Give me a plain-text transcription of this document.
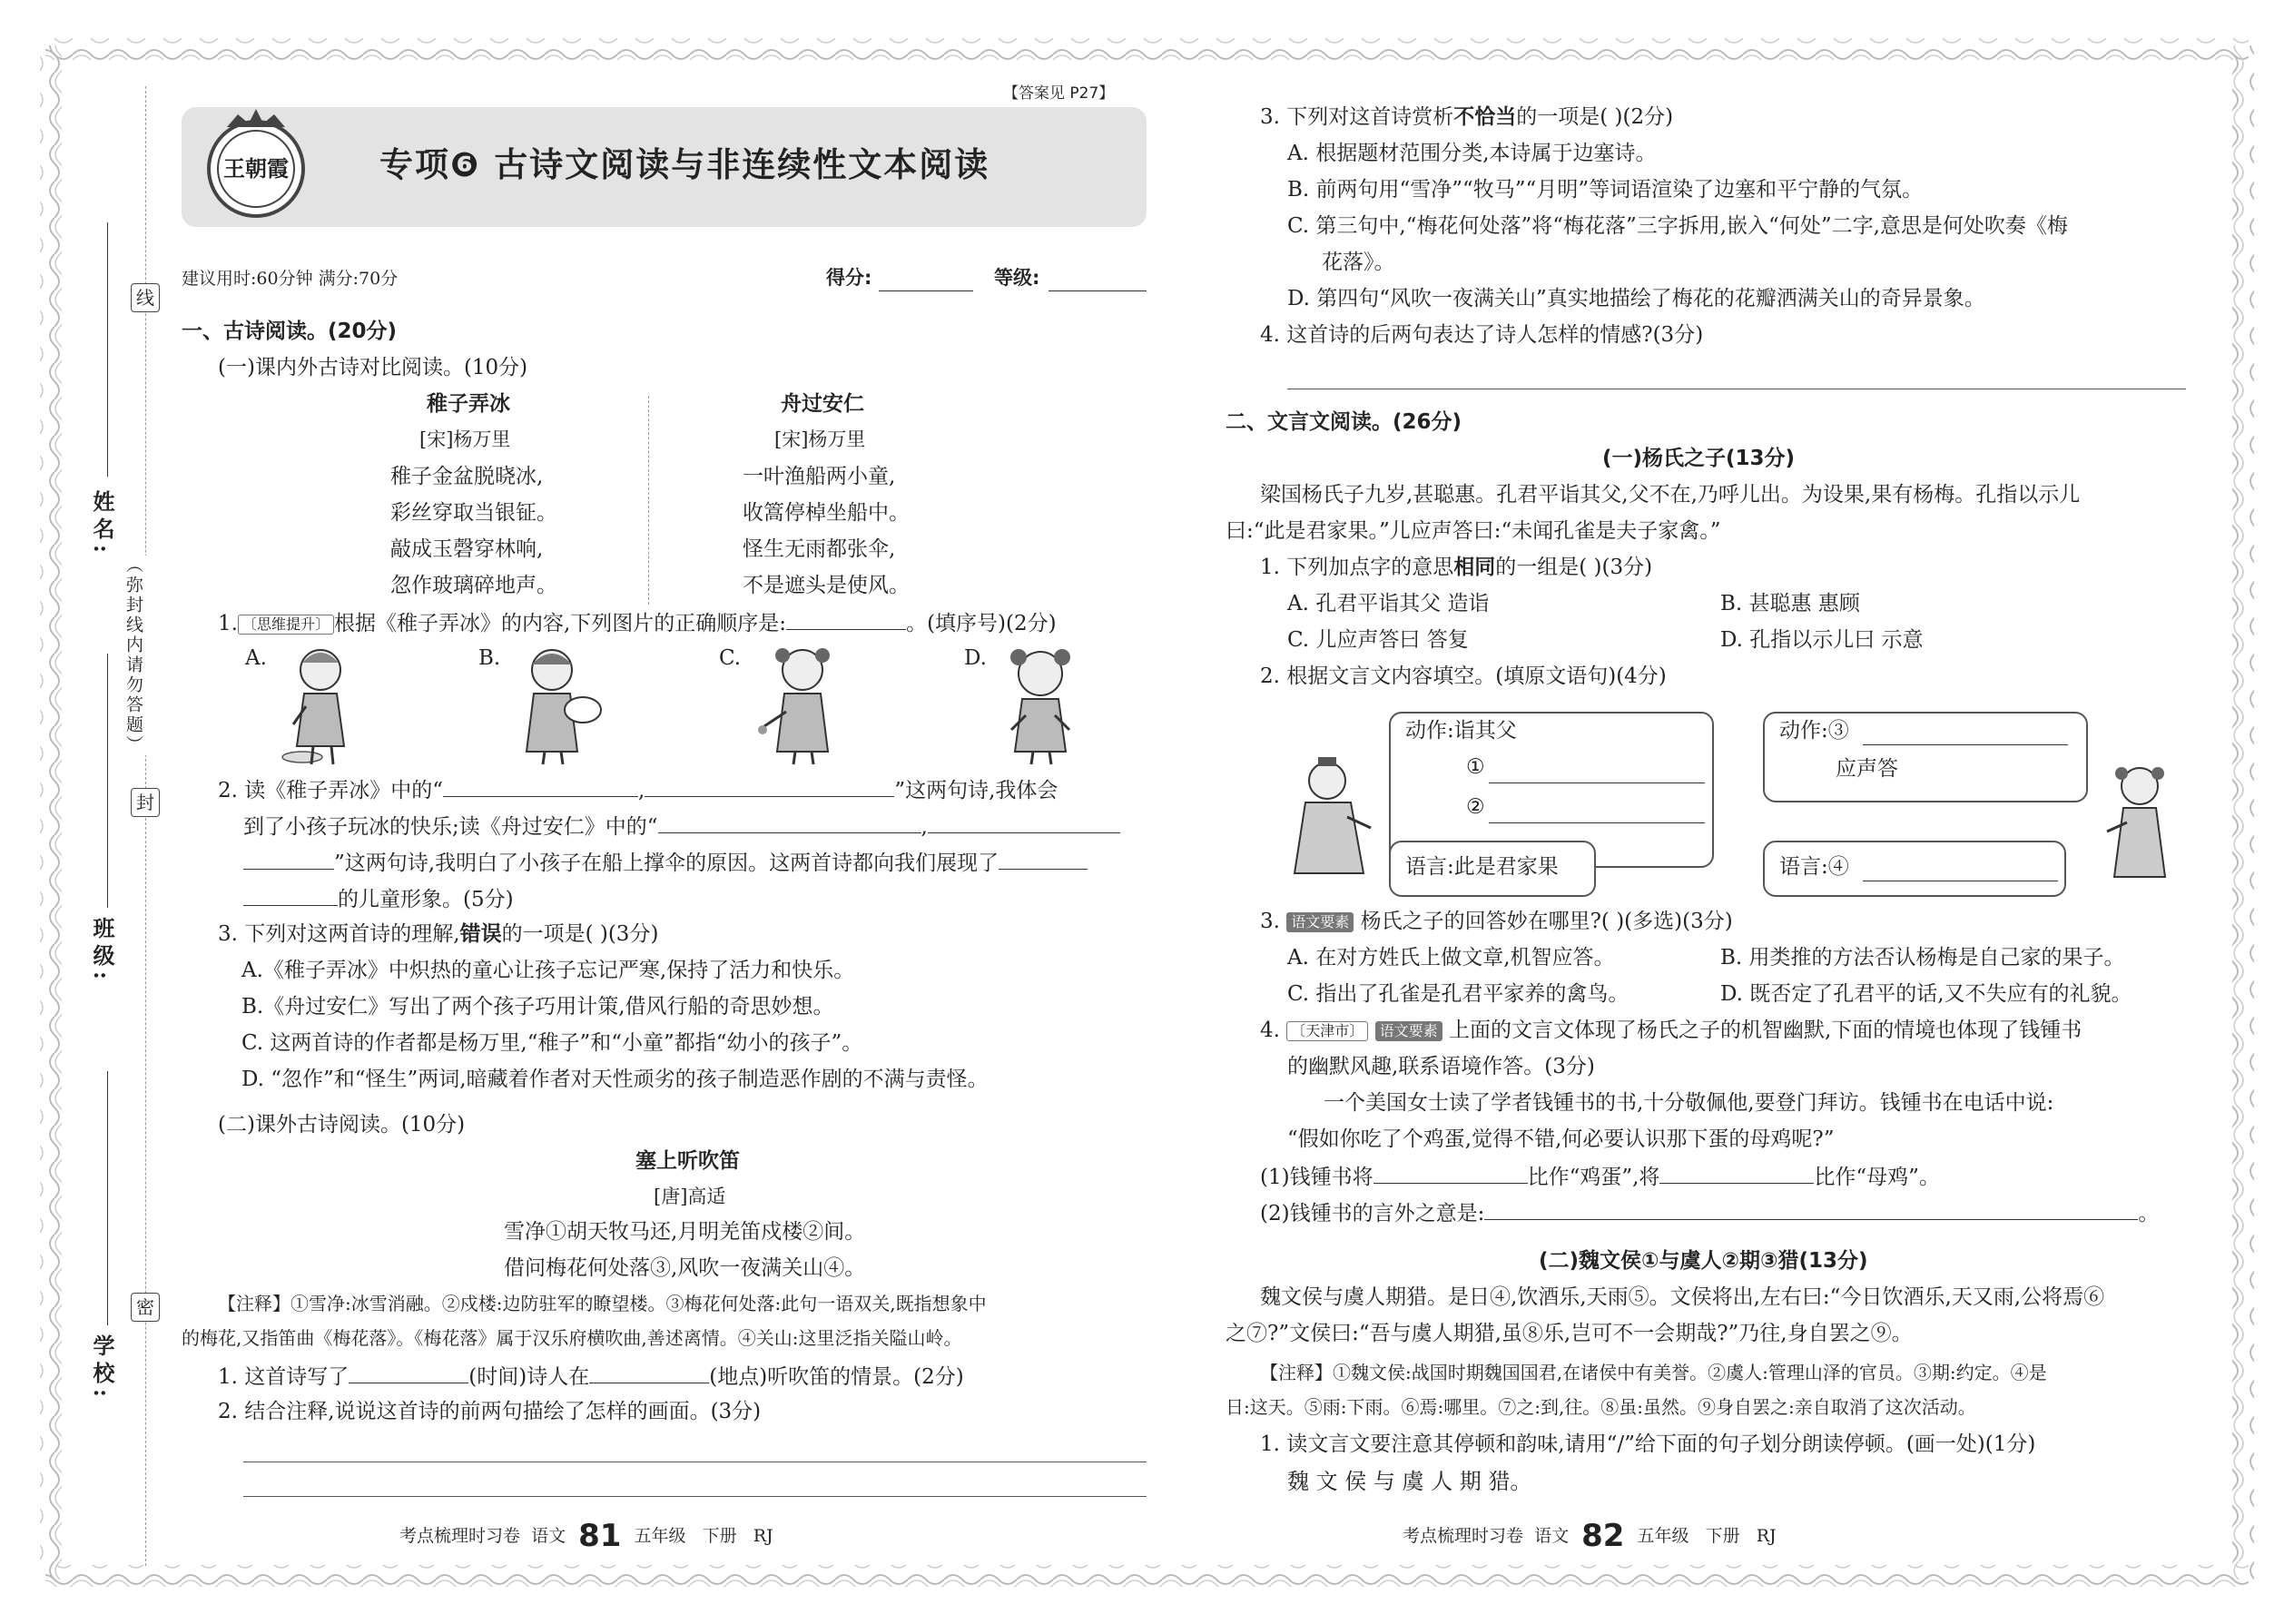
姓名:
班级:
学校:
线
封
密
（弥封线内请勿答题）
【答案见 P27】
王朝霞	专项❻ 古诗文阅读与非连续性文本阅读
建议用时:60分钟 满分:70分	得分:	等级:
一、古诗阅读。(20分)
(一)课内外古诗对比阅读。(10分)
稚子弄冰
[宋]杨万里
稚子金盆脱晓冰,
彩丝穿取当银钲。
敲成玉磬穿林响,
忽作玻璃碎地声。
舟过安仁
[宋]杨万里
一叶渔船两小童,
收篙停棹坐船中。
怪生无雨都张伞,
不是遮头是使风。
1. 〔思维提升〕 根据《稚子弄冰》的内容,下列图片的正确顺序是:	。(填序号)(2分)
A.	B.	C.	D.
2. 读《稚子弄冰》中的“	,	”这两句诗,我体会
到了小孩子玩冰的快乐;读《舟过安仁》中的“	,
”这两句诗,我明白了小孩子在船上撑伞的原因。这两首诗都向我们展现了
的儿童形象。(5分)
3. 下列对这两首诗的理解,错误的一项是( )(3分)
A.《稚子弄冰》中炽热的童心让孩子忘记严寒,保持了活力和快乐。
B.《舟过安仁》写出了两个孩子巧用计策,借风行船的奇思妙想。
C. 这两首诗的作者都是杨万里,“稚子”和“小童”都指“幼小的孩子”。
D. “忽作”和“怪生”两词,暗藏着作者对天性顽劣的孩子制造恶作剧的不满与责怪。
(二)课外古诗阅读。(10分)
塞上听吹笛
[唐]高适
雪净①胡天牧马还,月明羌笛戍楼②间。
借问梅花何处落③,风吹一夜满关山④。
【注释】①雪净:冰雪消融。②戍楼:边防驻军的瞭望楼。③梅花何处落:此句一语双关,既指想象中
的梅花,又指笛曲《梅花落》。《梅花落》属于汉乐府横吹曲,善述离情。④关山:这里泛指关隘山岭。
1. 这首诗写了	(时间)诗人在	(地点)听吹笛的情景。(2分)
2. 结合注释,说说这首诗的前两句描绘了怎样的画面。(3分)
考点梳理时习卷 语文 81 五年级 下册 RJ
3. 下列对这首诗赏析不恰当的一项是( )(2分)
A. 根据题材范围分类,本诗属于边塞诗。
B. 前两句用“雪净”“牧马”“月明”等词语渲染了边塞和平宁静的气氛。
C. 第三句中,“梅花何处落”将“梅花落”三字拆用,嵌入“何处”二字,意思是何处吹奏《梅
花落》。
D. 第四句“风吹一夜满关山”真实地描绘了梅花的花瓣洒满关山的奇异景象。
4. 这首诗的后两句表达了诗人怎样的情感?(3分)
二、文言文阅读。(26分)
(一)杨氏之子(13分)
梁国杨氏子九岁,甚聪惠。孔君平诣其父,父不在,乃呼儿出。为设果,果有杨梅。孔指以示儿
曰:“此是君家果。”儿应声答曰:“未闻孔雀是夫子家禽。”
1. 下列加点字的意思相同的一组是( )(3分)
A. 孔君平诣其父 造诣	B. 甚聪惠 惠顾
C. 儿应声答曰 答复	D. 孔指以示儿曰 示意
2. 根据文言文内容填空。(填原文语句)(4分)
动作:诣其父
①
②
语言:此是君家果
动作:③
应声答
语言:④
3. 语文要素 杨氏之子的回答妙在哪里?( )(多选)(3分)
A. 在对方姓氏上做文章,机智应答。	B. 用类推的方法否认杨梅是自己家的果子。
C. 指出了孔雀是孔君平家养的禽鸟。	D. 既否定了孔君平的话,又不失应有的礼貌。
4. 〔天津市〕 语文要素 上面的文言文体现了杨氏之子的机智幽默,下面的情境也体现了钱锺书
的幽默风趣,联系语境作答。(3分)
一个美国女士读了学者钱锺书的书,十分敬佩他,要登门拜访。钱锺书在电话中说:
“假如你吃了个鸡蛋,觉得不错,何必要认识那下蛋的母鸡呢?”
(1)钱锺书将	比作“鸡蛋”,将	比作“母鸡”。
(2)钱锺书的言外之意是:	。
(二)魏文侯①与虞人②期③猎(13分)
魏文侯与虞人期猎。是日④,饮酒乐,天雨⑤。文侯将出,左右曰:“今日饮酒乐,天又雨,公将焉⑥
之⑦?”文侯曰:“吾与虞人期猎,虽⑧乐,岂可不一会期哉?”乃往,身自罢之⑨。
【注释】①魏文侯:战国时期魏国国君,在诸侯中有美誉。②虞人:管理山泽的官员。③期:约定。④是
日:这天。⑤雨:下雨。⑥焉:哪里。⑦之:到,往。⑧虽:虽然。⑨身自罢之:亲自取消了这次活动。
1. 读文言文要注意其停顿和韵味,请用“/”给下面的句子划分朗读停顿。(画一处)(1分)
魏 文 侯 与 虞 人 期 猎。
考点梳理时习卷 语文 82 五年级 下册 RJ
